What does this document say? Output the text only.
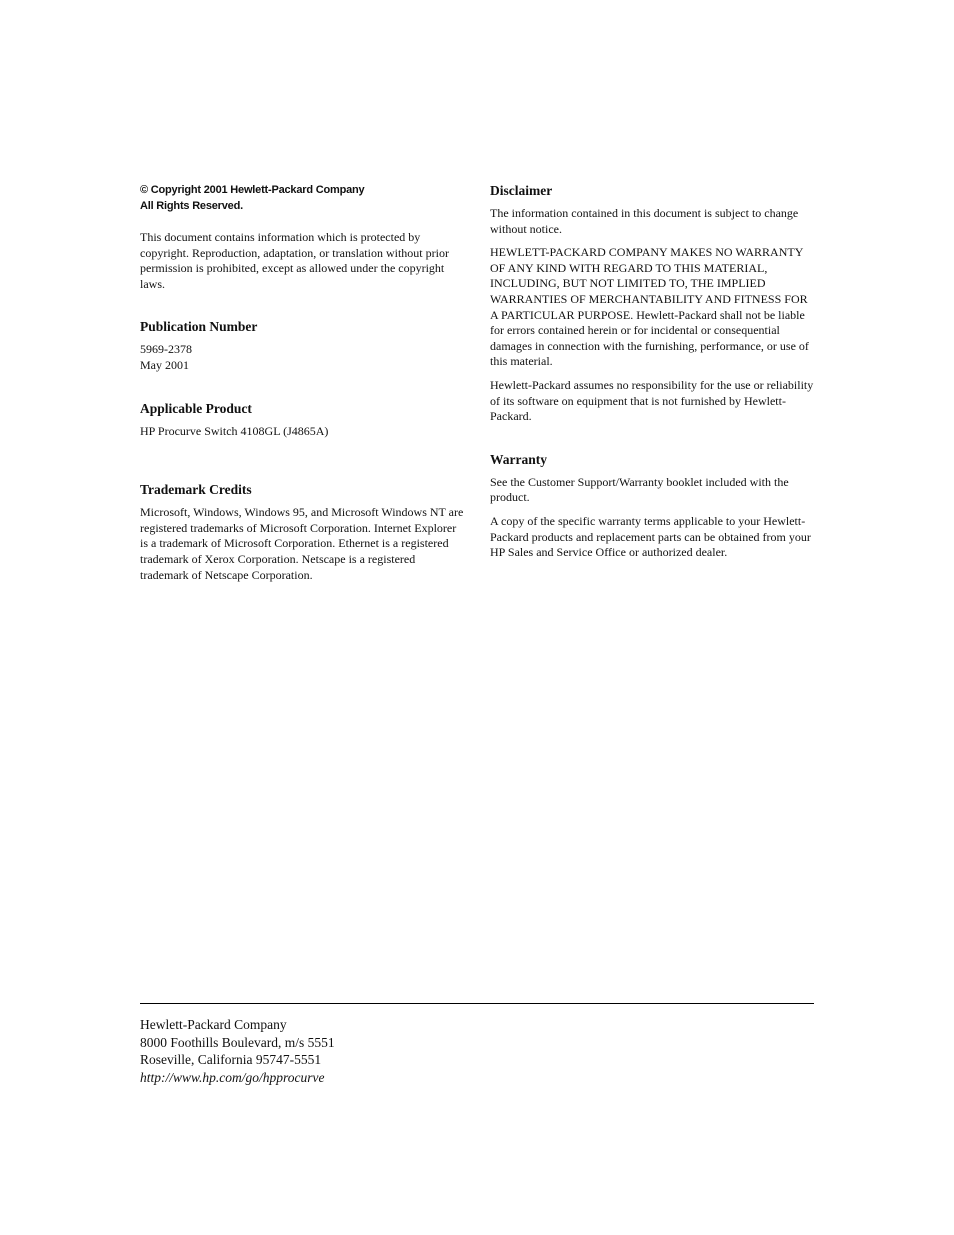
© Copyright 2001 Hewlett-Packard Company
All Rights Reserved.

This document contains information which is protected by copyright. Reproduction, adaptation, or translation without prior permission is prohibited, except as allowed under the copyright laws.

Publication Number

5969-2378
May 2001

Applicable Product

HP Procurve Switch 4108GL (J4865A)

Trademark Credits

Microsoft, Windows, Windows 95, and Microsoft Windows NT are registered trademarks of Microsoft Corporation. Internet Explorer is a trademark of Microsoft Corporation. Ethernet is a registered trademark of Xerox Corporation. Netscape is a registered trademark of Netscape Corporation.

Disclaimer

The information contained in this document is subject to change without notice.

HEWLETT-PACKARD COMPANY MAKES NO WARRANTY OF ANY KIND WITH REGARD TO THIS MATERIAL, INCLUDING, BUT NOT LIMITED TO, THE IMPLIED WARRANTIES OF MERCHANTABILITY AND FITNESS FOR A PARTICULAR PURPOSE. Hewlett-Packard shall not be liable for errors contained herein or for incidental or consequential damages in connection with the furnishing, performance, or use of this material.

Hewlett-Packard assumes no responsibility for the use or reliability of its software on equipment that is not furnished by Hewlett-Packard.

Warranty

See the Customer Support/Warranty booklet included with the product.

A copy of the specific warranty terms applicable to your Hewlett-Packard products and replacement parts can be obtained from your HP Sales and Service Office or authorized dealer.

Hewlett-Packard Company
8000 Foothills Boulevard, m/s 5551
Roseville, California 95747-5551
http://www.hp.com/go/hpprocurve
